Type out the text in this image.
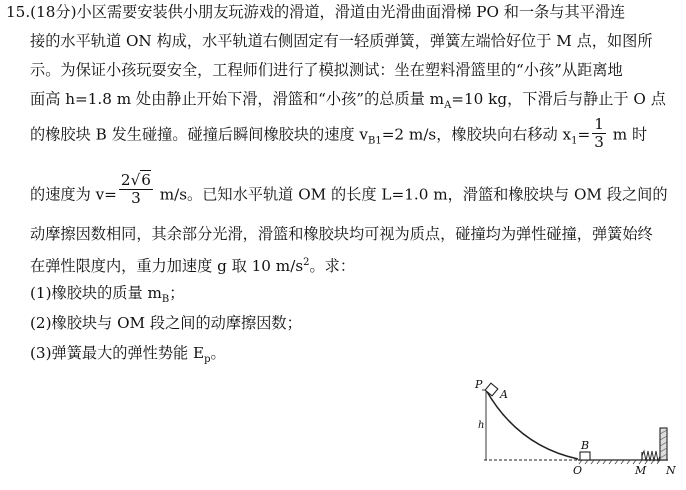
15.(18分)小区需要安装供小朋友玩游戏的滑道，滑道由光滑曲面滑梯 PO 和一条与其平滑连
接的水平轨道 ON 构成，水平轨道右侧固定有一轻质弹簧，弹簧左端恰好位于 M 点，如图所
示。为保证小孩玩耍安全，工程师们进行了模拟测试：坐在塑料滑篮里的“小孩”从距离地
面高 h=1.8 m 处由静止开始下滑，滑篮和“小孩”的总质量 $m_A=10$ kg，下滑后与静止于 O 点
的橡胶块 B 发生碰撞。碰撞后瞬间橡胶块的速度 $v_{B1}=2$ m/s，橡胶块向右移动 $x_1= \frac{1}{3}$ m 时
的速度为 $v= \frac{2√6}{3} m/s$。已知水平轨道 OM 的长度 L=1.0 m，滑篮和橡胶块与 OM 段之间的
动摩擦因数相同，其余部分光滑，滑篮和橡胶块均可视为质点，碰撞均为弹性碰撞，弹簧始终
在弹性限度内，重力加速度 g 取 10 $m/s^2$。求：
(1)橡胶块的质量 $m_B$；
(2)橡胶块与 OM 段之间的动摩擦因数；
(3)弹簧最大的弹性势能 $E_p$。
P
A
h
B
O	M N
